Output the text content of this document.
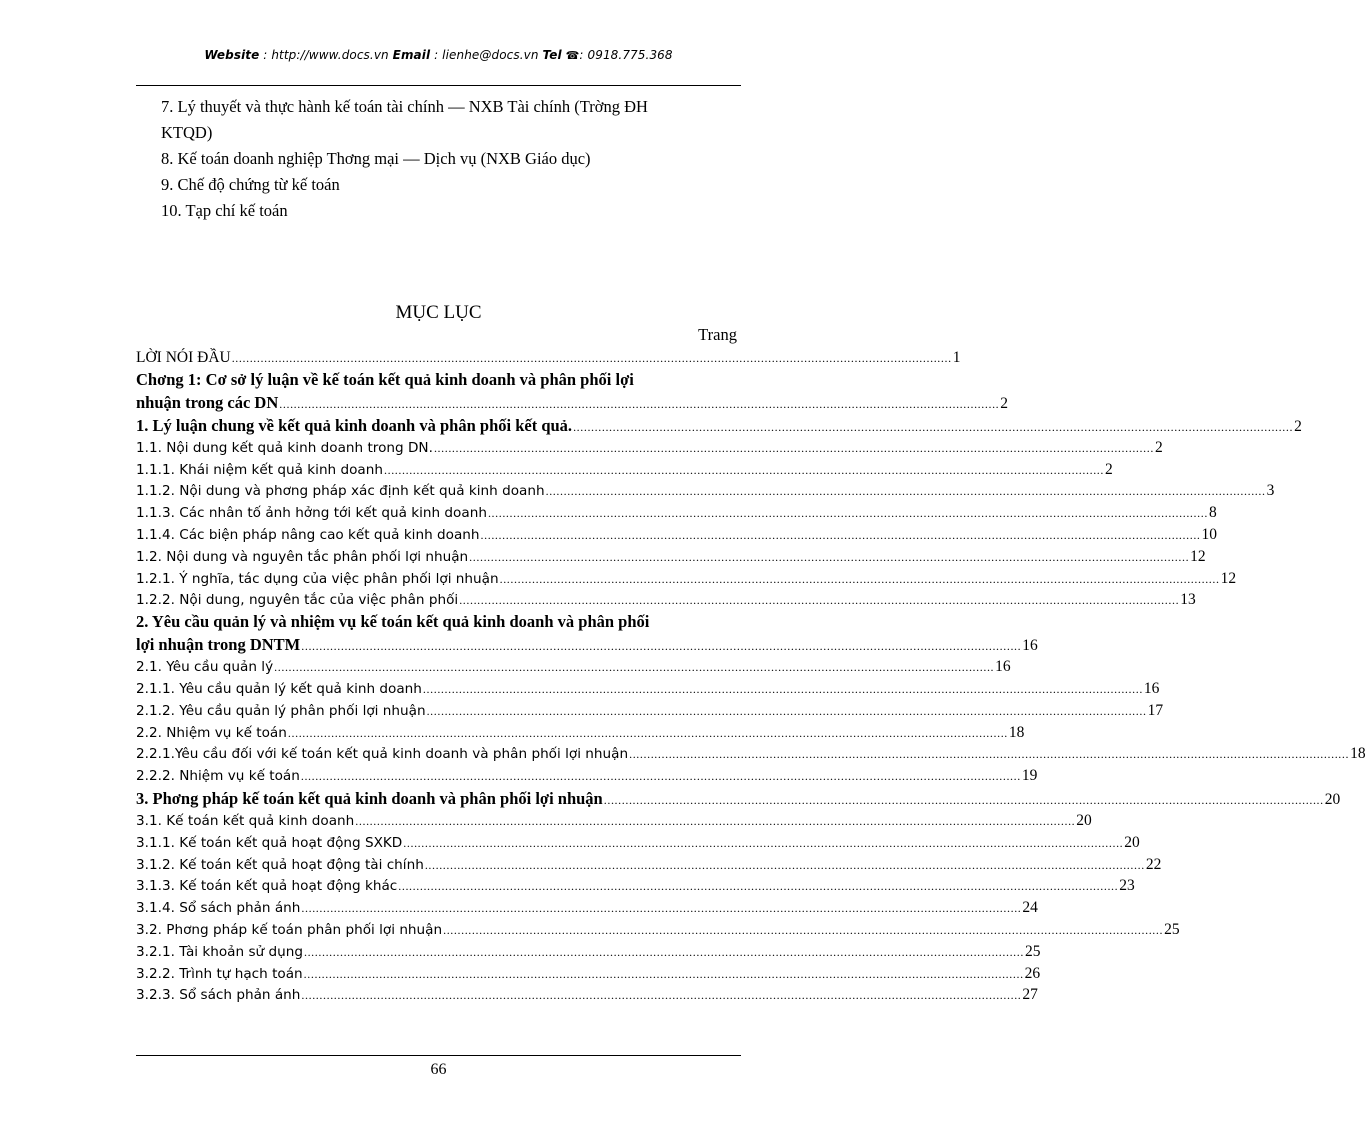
Website : http://www.docs.vn Email : lienhe@docs.vn Tel ☎: 0918.775.368
7. Lý thuyết và thực hành kế toán tài chính — NXB Tài chính (Trờng ĐH
KTQD)
8. Kế toán doanh nghiệp Thơng mại — Dịch vụ (NXB Giáo dục)
9. Chế độ chứng từ kế toán
10. Tạp chí kế toán
MỤC LỤC
Trang
LỜI NÓI ĐẦU ........................................................................................................................................................................................................ 1
Chơng 1: Cơ sở lý luận về kế toán kết quả kinh doanh và phân phối lợi
nhuận trong các DN ........................................................................................................................................................................................................ 2
1. Lý luận chung về kết quả kinh doanh và phân phối kết quả. ........................................................................................................................................................................................................ 2
1.1. Nội dung kết quả kinh doanh trong DN. ........................................................................................................................................................................................................ 2
1.1.1. Khái niệm kết quả kinh doanh ........................................................................................................................................................................................................ 2
1.1.2. Nội dung và phơng pháp xác định kết quả kinh doanh ........................................................................................................................................................................................................ 3
1.1.3. Các nhân tố ảnh hởng tới kết quả kinh doanh ........................................................................................................................................................................................................ 8
1.1.4. Các biện pháp nâng cao kết quả kinh doanh ........................................................................................................................................................................................................ 10
1.2. Nội dung và nguyên tắc phân phối lợi nhuận ........................................................................................................................................................................................................ 12
1.2.1. Ý nghĩa, tác dụng của việc phân phối lợi nhuận ........................................................................................................................................................................................................ 12
1.2.2. Nội dung, nguyên tắc của việc phân phối ........................................................................................................................................................................................................ 13
2. Yêu cầu quản lý và nhiệm vụ kế toán kết quả kinh doanh và phân phối
lợi nhuận trong DNTM ........................................................................................................................................................................................................ 16
2.1. Yêu cầu quản lý ........................................................................................................................................................................................................ 16
2.1.1. Yêu cầu quản lý kết quả kinh doanh ........................................................................................................................................................................................................ 16
2.1.2. Yêu cầu quản lý phân phối lợi nhuận ........................................................................................................................................................................................................ 17
2.2. Nhiệm vụ kế toán ........................................................................................................................................................................................................ 18
2.2.1.Yêu cầu đối với kế toán kết quả kinh doanh và phân phối lợi nhuận ........................................................................................................................................................................................................ 18
2.2.2. Nhiệm vụ kế toán ........................................................................................................................................................................................................ 19
3. Phơng pháp kế toán kết quả kinh doanh và phân phối lợi nhuận ........................................................................................................................................................................................................ 20
3.1. Kế toán kết quả kinh doanh ........................................................................................................................................................................................................ 20
3.1.1. Kế toán kết quả hoạt động SXKD ........................................................................................................................................................................................................ 20
3.1.2. Kế toán kết quả hoạt động tài chính ........................................................................................................................................................................................................ 22
3.1.3. Kế toán kết quả hoạt động khác ........................................................................................................................................................................................................ 23
3.1.4. Sổ sách phản ánh ........................................................................................................................................................................................................ 24
3.2. Phơng pháp kế toán phân phối lợi nhuận ........................................................................................................................................................................................................ 25
3.2.1. Tài khoản sử dụng ........................................................................................................................................................................................................ 25
3.2.2. Trình tự hạch toán ........................................................................................................................................................................................................ 26
3.2.3. Sổ sách phản ánh ........................................................................................................................................................................................................ 27
66
